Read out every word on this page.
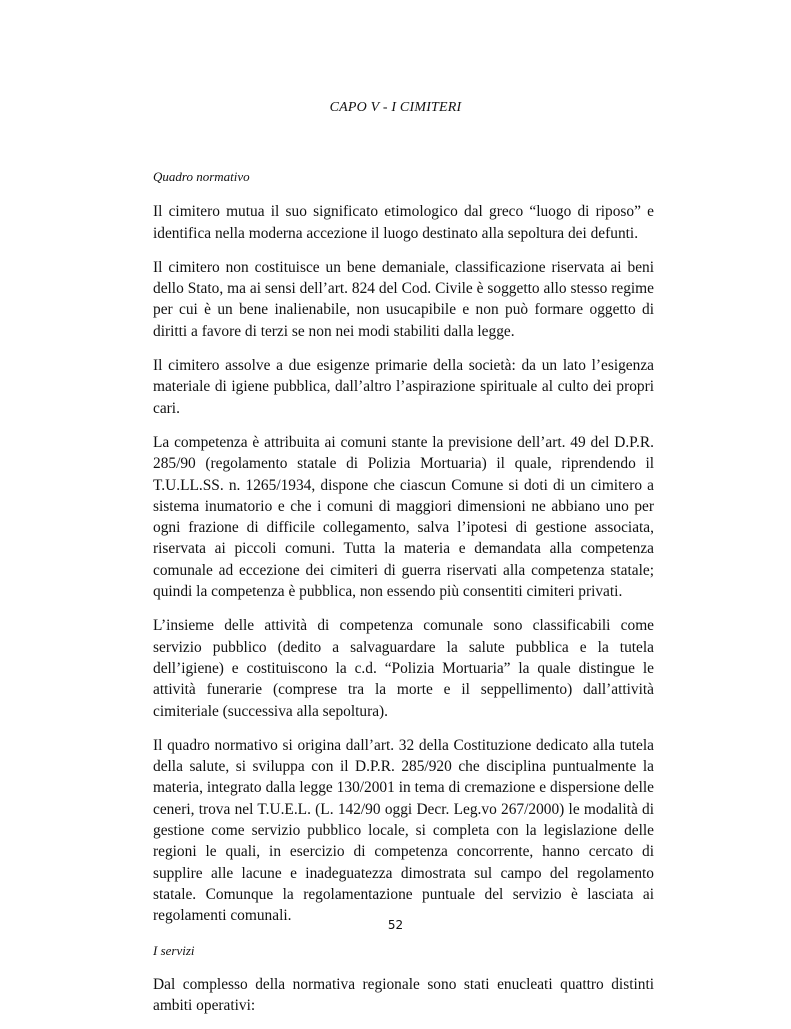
CAPO V - I CIMITERI
Quadro normativo

Il cimitero mutua il suo significato etimologico dal greco “luogo di riposo” e identifica nella moderna accezione il luogo destinato alla sepoltura dei defunti.

Il cimitero non costituisce un bene demaniale, classificazione riservata ai beni dello Stato, ma ai sensi dell’art. 824 del Cod. Civile è soggetto allo stesso regime per cui è un bene inalienabile, non usucapibile e non può formare oggetto di diritti a favore di terzi se non nei modi stabiliti dalla legge.

Il cimitero assolve a due esigenze primarie della società: da un lato l’esigenza materiale di igiene pubblica, dall’altro l’aspirazione spirituale al culto dei propri cari.

La competenza è attribuita ai comuni stante la previsione dell’art. 49 del D.P.R. 285/90 (regolamento statale di Polizia Mortuaria) il quale, riprendendo il T.U.LL.SS. n. 1265/1934, dispone che ciascun Comune si doti di un cimitero a sistema inumatorio e che i comuni di maggiori dimensioni ne abbiano uno per ogni frazione di difficile collegamento, salva l’ipotesi di gestione associata, riservata ai piccoli comuni. Tutta la materia e demandata alla competenza comunale ad eccezione dei cimiteri di guerra riservati alla competenza statale; quindi la competenza è pubblica, non essendo più consentiti cimiteri privati.

L’insieme delle attività di competenza comunale sono classificabili come servizio pubblico (dedito a salvaguardare la salute pubblica e la tutela dell’igiene) e costituiscono la c.d. “Polizia Mortuaria” la quale distingue le attività funerarie (comprese tra la morte e il seppellimento) dall’attività cimiteriale (successiva alla sepoltura).

Il quadro normativo si origina dall’art. 32 della Costituzione dedicato alla tutela della salute, si sviluppa con il D.P.R. 285/920 che disciplina puntualmente la materia, integrato dalla legge 130/2001 in tema di cremazione e dispersione delle ceneri, trova nel T.U.E.L. (L. 142/90 oggi Decr. Leg.vo 267/2000) le modalità di gestione come servizio pubblico locale, si completa con la legislazione delle regioni le quali, in esercizio di competenza concorrente, hanno cercato di supplire alle lacune e inadeguatezza dimostrata sul campo del regolamento statale. Comunque la regolamentazione puntuale del servizio è lasciata ai regolamenti comunali.

I servizi

Dal complesso della normativa regionale sono stati enucleati quattro distinti ambiti operativi:

52
